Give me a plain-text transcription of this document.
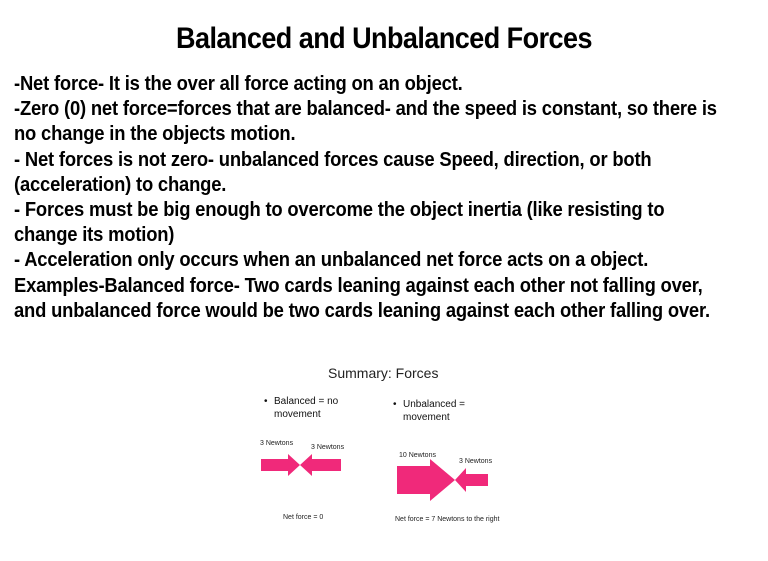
Balanced and Unbalanced Forces
-Net force- It is the over all force acting on an object.
-Zero (0) net force=forces that are balanced- and the speed is constant, so there is
no change in the objects motion.
- Net forces is not zero- unbalanced forces cause Speed, direction, or both
(acceleration) to change.
- Forces must be big enough to overcome the object inertia (like resisting to
change its motion)
- Acceleration only occurs when an unbalanced net force acts on a object.
Examples-Balanced force- Two cards leaning against each other not falling over,
and unbalanced force would be two cards leaning against each other falling over.
Summary: Forces
• Balanced = no
movement
3 Newtons
3 Newtons
Net force = 0
• Unbalanced =
movement
10 Newtons
3 Newtons
Net force = 7 Newtons to the right
